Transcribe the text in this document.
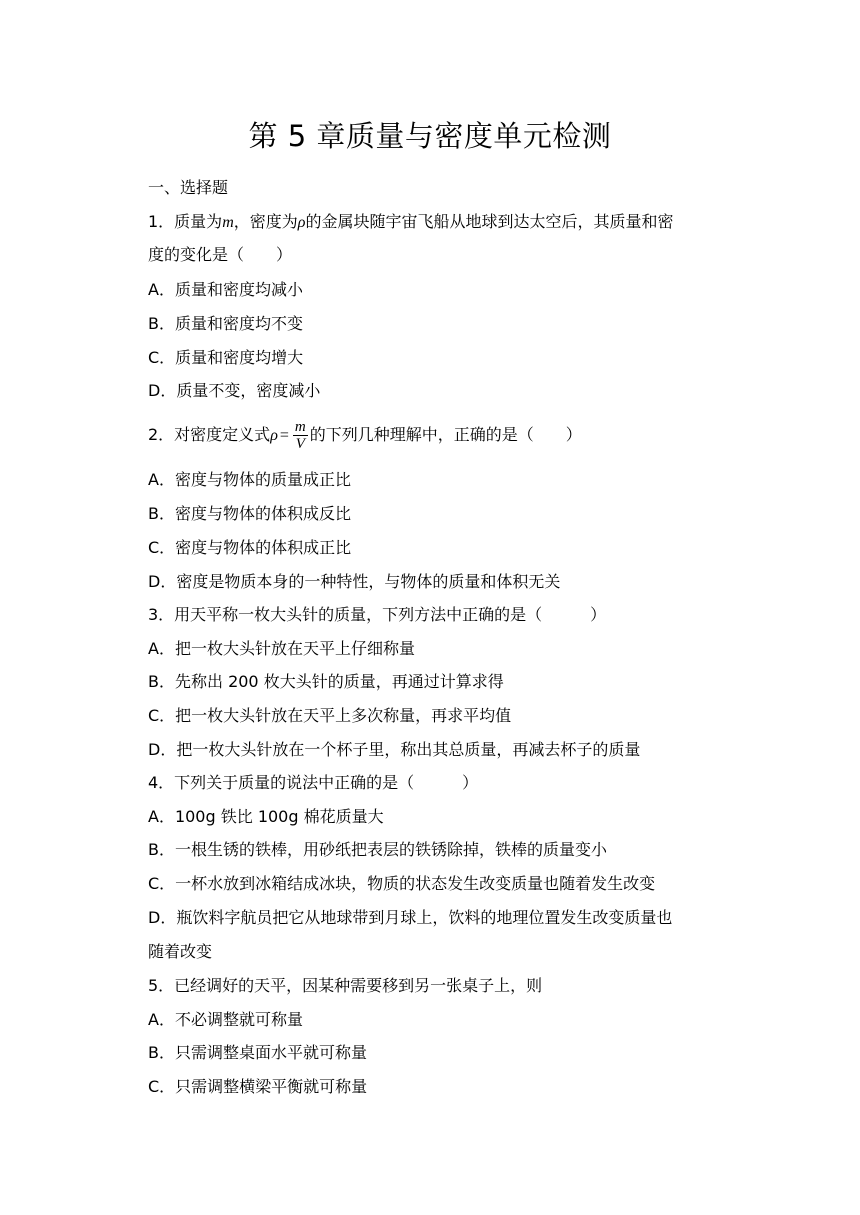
第 5 章质量与密度单元检测
一、选择题
1．质量为m，密度为ρ的金属块随宇宙飞船从地球到达太空后，其质量和密
度的变化是（　　）
A．质量和密度均减小
B．质量和密度均不变
C．质量和密度均增大
D．质量不变，密度减小
2．对密度定义式$\rho = \frac{m}{V}$ 的下列几种理解中，正确的是（　　）
A．密度与物体的质量成正比
B．密度与物体的体积成反比
C．密度与物体的体积成正比
D．密度是物质本身的一种特性，与物体的质量和体积无关
3．用天平称一枚大头针的质量，下列方法中正确的是（　　　）
A．把一枚大头针放在天平上仔细称量
B．先称出 200 枚大头针的质量，再通过计算求得
C．把一枚大头针放在天平上多次称量，再求平均值
D．把一枚大头针放在一个杯子里，称出其总质量，再减去杯子的质量
4．下列关于质量的说法中正确的是（　　　）
A．100g 铁比 100g 棉花质量大
B．一根生锈的铁棒，用砂纸把表层的铁锈除掉，铁棒的质量变小
C．一杯水放到冰箱结成冰块，物质的状态发生改变质量也随着发生改变
D．瓶饮料字航员把它从地球带到月球上，饮料的地理位置发生改变质量也
随着改变
5．已经调好的天平，因某种需要移到另一张桌子上，则
A．不必调整就可称量
B．只需调整桌面水平就可称量
C．只需调整横梁平衡就可称量
